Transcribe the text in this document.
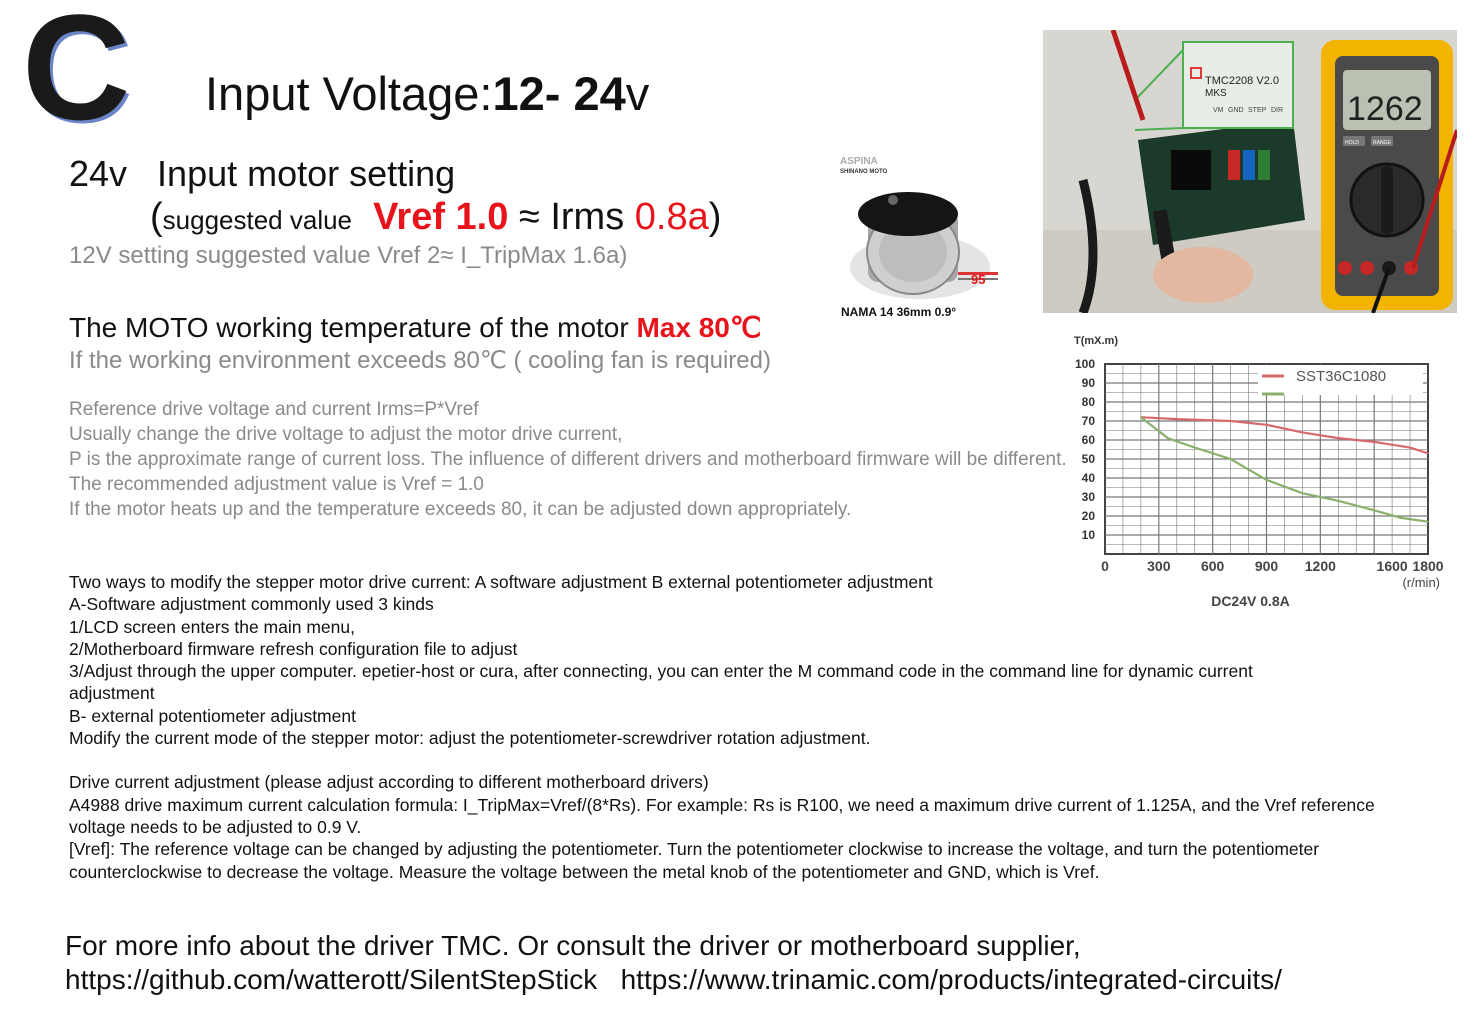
C Input Voltage:12- 24v
24v Input motor setting
(suggested value Vref 1.0 ≈ Irms 0.8a)
12V setting suggested value Vref 2≈ I_TripMax 1.6a)
The MOTO working temperature of the motor Max 80℃
If the working environment exceeds 80℃ ( cooling fan is required)
Reference drive voltage and current Irms=P*Vref
Usually change the drive voltage to adjust the motor drive current,
P is the approximate range of current loss. The influence of different drivers and motherboard firmware will be different.
The recommended adjustment value is Vref = 1.0
If the motor heats up and the temperature exceeds 80, it can be adjusted down appropriately.
Two ways to modify the stepper motor drive current: A software adjustment B external potentiometer adjustment
A-Software adjustment commonly used 3 kinds
1/LCD screen enters the main menu,
2/Motherboard firmware refresh configuration file to adjust
3/Adjust through the upper computer. epetier-host or cura, after connecting, you can enter the M command code in the command line for dynamic current adjustment
B- external potentiometer adjustment
Modify the current mode of the stepper motor: adjust the potentiometer-screwdriver rotation adjustment.
Drive current adjustment (please adjust according to different motherboard drivers)
A4988 drive maximum current calculation formula: I_TripMax=Vref/(8*Rs). For example: Rs is R100, we need a maximum drive current of 1.125A, and the Vref reference voltage needs to be adjusted to 0.9 V.
[Vref]: The reference voltage can be changed by adjusting the potentiometer. Turn the potentiometer clockwise to increase the voltage, and turn the potentiometer counterclockwise to decrease the voltage. Measure the voltage between the metal knob of the potentiometer and GND, which is Vref.
For more info about the driver TMC. Or consult the driver or motherboard supplier,
https://github.com/watterott/SilentStepStick https://www.trinamic.com/products/integrated-circuits/
ASPINA
SHINANO MOTO
95
NAMA 14 36mm 0.9°
TMC2208 V2.0
MKS
VM GND STEP DIR 1262
HOLD	RANGE
T(mX.m)
10
20
30
40
50
60
70
80
90
100
0	300 600 900 1200	1600 1800
(r/min)
DC24V 0.8A
SST36C1080
